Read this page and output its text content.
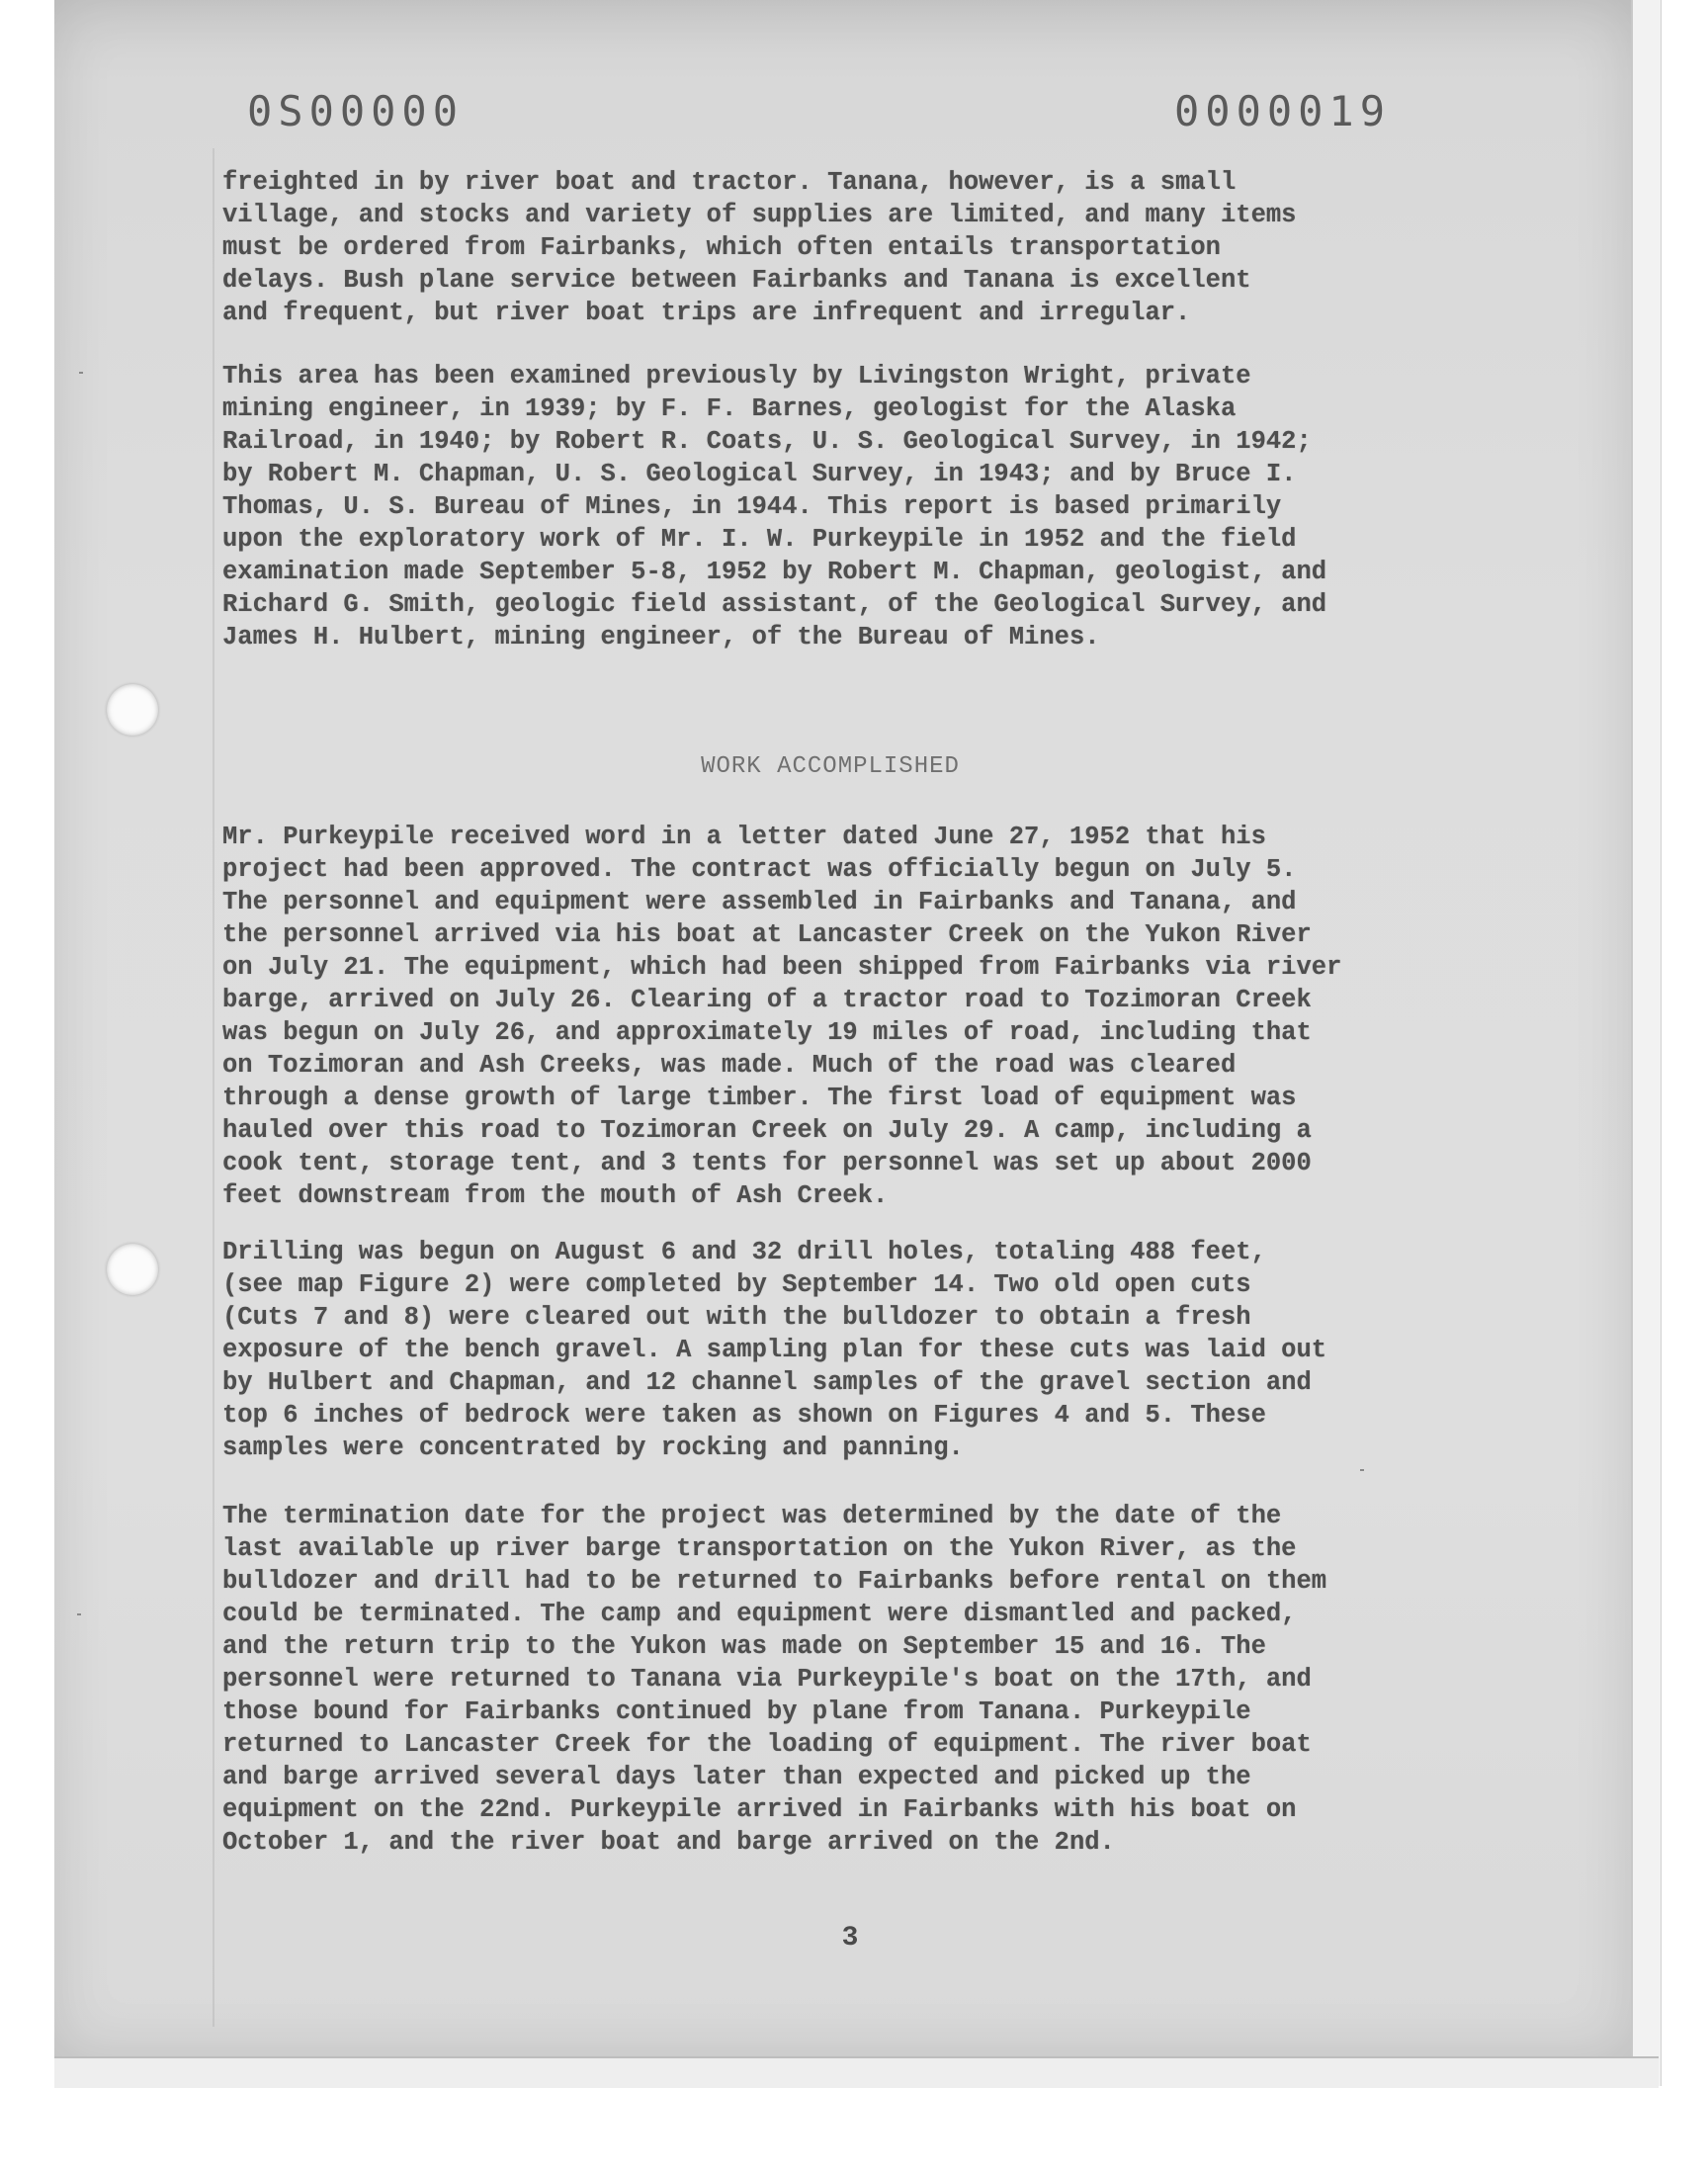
0S00000	0000019

freighted in by river boat and tractor. Tanana, however, is a small
village, and stocks and variety of supplies are limited, and many items
must be ordered from Fairbanks, which often entails transportation
delays. Bush plane service between Fairbanks and Tanana is excellent
and frequent, but river boat trips are infrequent and irregular.

This area has been examined previously by Livingston Wright, private
mining engineer, in 1939; by F. F. Barnes, geologist for the Alaska
Railroad, in 1940; by Robert R. Coats, U. S. Geological Survey, in 1942;
by Robert M. Chapman, U. S. Geological Survey, in 1943; and by Bruce I.
Thomas, U. S. Bureau of Mines, in 1944. This report is based primarily
upon the exploratory work of Mr. I. W. Purkeypile in 1952 and the field
examination made September 5-8, 1952 by Robert M. Chapman, geologist, and
Richard G. Smith, geologic field assistant, of the Geological Survey, and
James H. Hulbert, mining engineer, of the Bureau of Mines.

WORK ACCOMPLISHED

Mr. Purkeypile received word in a letter dated June 27, 1952 that his
project had been approved. The contract was officially begun on July 5.
The personnel and equipment were assembled in Fairbanks and Tanana, and
the personnel arrived via his boat at Lancaster Creek on the Yukon River
on July 21. The equipment, which had been shipped from Fairbanks via river
barge, arrived on July 26. Clearing of a tractor road to Tozimoran Creek
was begun on July 26, and approximately 19 miles of road, including that
on Tozimoran and Ash Creeks, was made. Much of the road was cleared
through a dense growth of large timber. The first load of equipment was
hauled over this road to Tozimoran Creek on July 29. A camp, including a
cook tent, storage tent, and 3 tents for personnel was set up about 2000
feet downstream from the mouth of Ash Creek.

Drilling was begun on August 6 and 32 drill holes, totaling 488 feet,
(see map Figure 2) were completed by September 14. Two old open cuts
(Cuts 7 and 8) were cleared out with the bulldozer to obtain a fresh
exposure of the bench gravel. A sampling plan for these cuts was laid out
by Hulbert and Chapman, and 12 channel samples of the gravel section and
top 6 inches of bedrock were taken as shown on Figures 4 and 5. These
samples were concentrated by rocking and panning.

The termination date for the project was determined by the date of the
last available up river barge transportation on the Yukon River, as the
bulldozer and drill had to be returned to Fairbanks before rental on them
could be terminated. The camp and equipment were dismantled and packed,
and the return trip to the Yukon was made on September 15 and 16. The
personnel were returned to Tanana via Purkeypile's boat on the 17th, and
those bound for Fairbanks continued by plane from Tanana. Purkeypile
returned to Lancaster Creek for the loading of equipment. The river boat
and barge arrived several days later than expected and picked up the
equipment on the 22nd. Purkeypile arrived in Fairbanks with his boat on
October 1, and the river boat and barge arrived on the 2nd.

3
